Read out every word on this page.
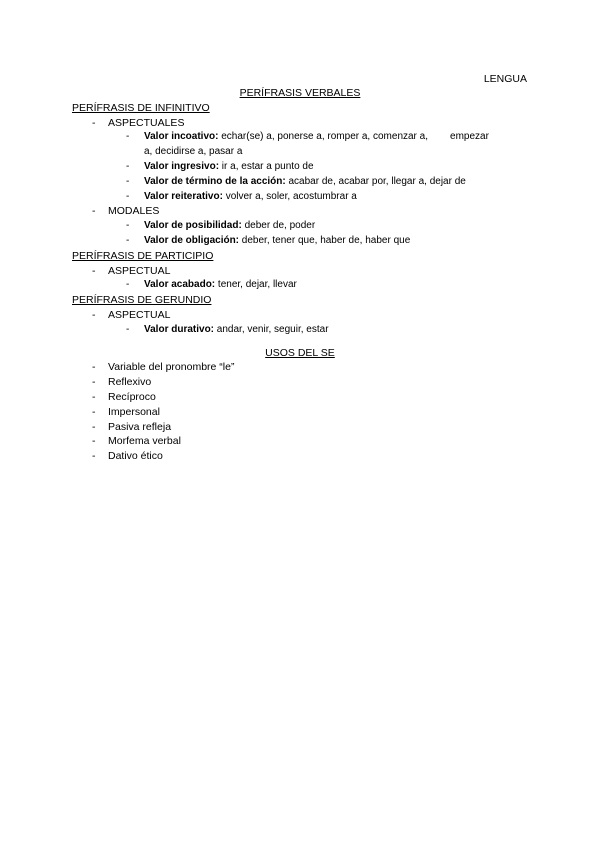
LENGUA
PERÍFRASIS VERBALES
PERÍFRASIS DE INFINITIVO
-	ASPECTUALES
-	Valor incoativo: echar(se) a, ponerse a, romper a, comenzar a, empezar
a, decidirse a, pasar a
-	Valor ingresivo: ir a, estar a punto de
-	Valor de término de la acción: acabar de, acabar por, llegar a, dejar de
-	Valor reiterativo: volver a, soler, acostumbrar a
-	MODALES
-	Valor de posibilidad: deber de, poder
-	Valor de obligación: deber, tener que, haber de, haber que
PERÍFRASIS DE PARTICIPIO
-	ASPECTUAL
-	Valor acabado: tener, dejar, llevar
PERÍFRASIS DE GERUNDIO
-	ASPECTUAL
-	Valor durativo: andar, venir, seguir, estar
USOS DEL SE
-	Variable del pronombre “le”
-	Reflexivo
-	Recíproco
-	Impersonal
-	Pasiva refleja
-	Morfema verbal
-	Dativo ético
